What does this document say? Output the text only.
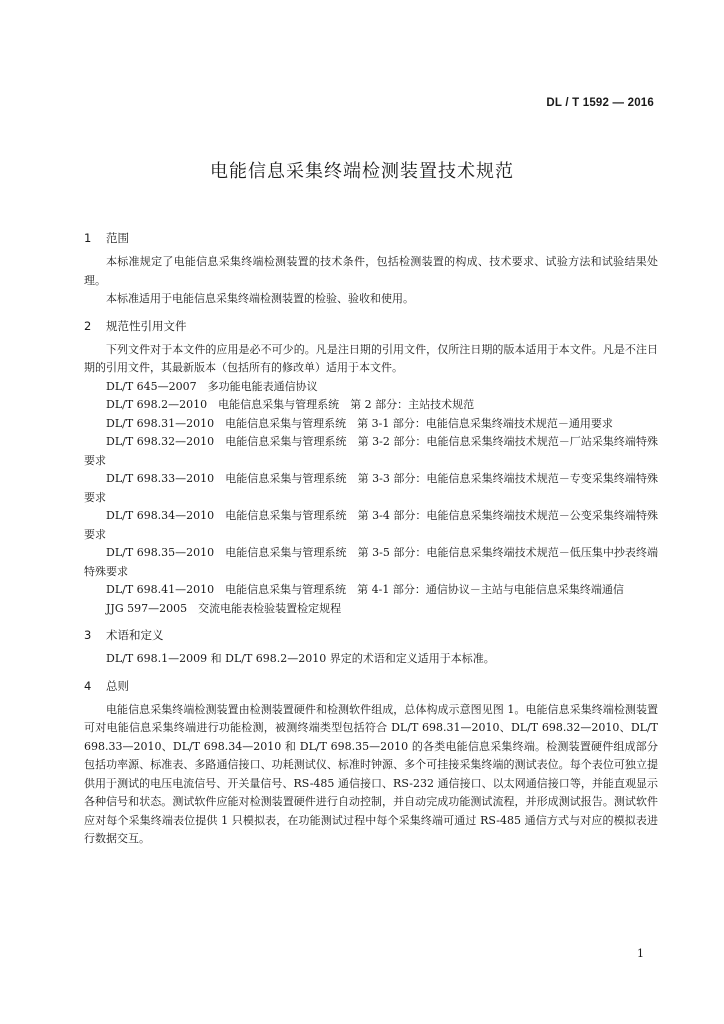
DL / T 1592 — 2016
电能信息采集终端检测装置技术规范
1 范围

本标准规定了电能信息采集终端检测装置的技术条件，包括检测装置的构成、技术要求、试验方法和试验结果处理。

本标准适用于电能信息采集终端检测装置的检验、验收和使用。

2 规范性引用文件

下列文件对于本文件的应用是必不可少的。凡是注日期的引用文件，仅所注日期的版本适用于本文件。凡是不注日期的引用文件，其最新版本（包括所有的修改单）适用于本文件。

DL/T 645—2007　多功能电能表通信协议

DL/T 698.2—2010　电能信息采集与管理系统　第 2 部分：主站技术规范

DL/T 698.31—2010　电能信息采集与管理系统　第 3-1 部分：电能信息采集终端技术规范－通用要求

DL/T 698.32—2010　电能信息采集与管理系统　第 3-2 部分：电能信息采集终端技术规范－厂站采集终端特殊要求

DL/T 698.33—2010　电能信息采集与管理系统　第 3-3 部分：电能信息采集终端技术规范－专变采集终端特殊要求

DL/T 698.34—2010　电能信息采集与管理系统　第 3-4 部分：电能信息采集终端技术规范－公变采集终端特殊要求

DL/T 698.35—2010　电能信息采集与管理系统　第 3-5 部分：电能信息采集终端技术规范－低压集中抄表终端特殊要求

DL/T 698.41—2010　电能信息采集与管理系统　第 4-1 部分：通信协议－主站与电能信息采集终端通信

JJG 597—2005　交流电能表检验装置检定规程

3 术语和定义

DL/T 698.1—2009 和 DL/T 698.2—2010 界定的术语和定义适用于本标准。

4 总则

电能信息采集终端检测装置由检测装置硬件和检测软件组成，总体构成示意图见图 1。电能信息采集终端检测装置可对电能信息采集终端进行功能检测，被测终端类型包括符合 DL/T 698.31—2010、DL/T 698.32—2010、DL/T 698.33—2010、DL/T 698.34—2010 和 DL/T 698.35—2010 的各类电能信息采集终端。检测装置硬件组成部分包括功率源、标准表、多路通信接口、功耗测试仪、标准时钟源、多个可挂接采集终端的测试表位。每个表位可独立提供用于测试的电压电流信号、开关量信号、RS-485 通信接口、RS-232 通信接口、以太网通信接口等，并能直观显示各种信号和状态。测试软件应能对检测装置硬件进行自动控制，并自动完成功能测试流程，并形成测试报告。测试软件应对每个采集终端表位提供 1 只模拟表，在功能测试过程中每个采集终端可通过 RS-485 通信方式与对应的模拟表进行数据交互。

1
